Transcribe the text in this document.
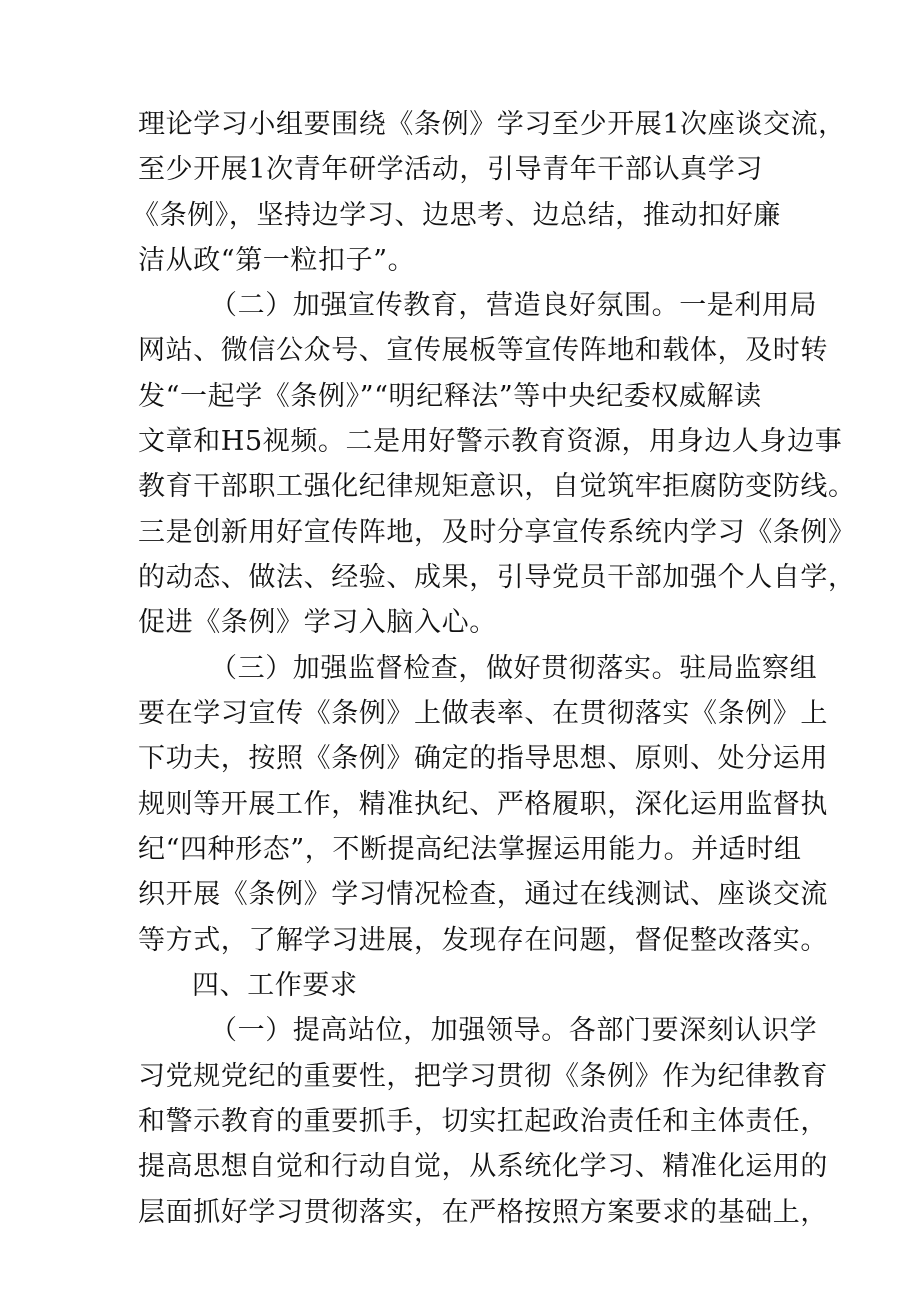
理论学习小组要围绕《条例》学习至少开展1次座谈交流，
至少开展1次青年研学活动，引导青年干部认真学习
《条例》，坚持边学习、边思考、边总结，推动扣好廉
洁从政“第一粒扣子”。
（二）加强宣传教育，营造良好氛围。一是利用局
网站、微信公众号、宣传展板等宣传阵地和载体，及时转
发“一起学《条例》”“明纪释法”等中央纪委权威解读
文章和H5视频。二是用好警示教育资源，用身边人身边事
教育干部职工强化纪律规矩意识，自觉筑牢拒腐防变防线。
三是创新用好宣传阵地，及时分享宣传系统内学习《条例》
的动态、做法、经验、成果，引导党员干部加强个人自学，
促进《条例》学习入脑入心。
（三）加强监督检查，做好贯彻落实。驻局监察组
要在学习宣传《条例》上做表率、在贯彻落实《条例》上
下功夫，按照《条例》确定的指导思想、原则、处分运用
规则等开展工作，精准执纪、严格履职，深化运用监督执
纪“四种形态”，不断提高纪法掌握运用能力。并适时组
织开展《条例》学习情况检查，通过在线测试、座谈交流
等方式，了解学习进展，发现存在问题，督促整改落实。
四、工作要求
（一）提高站位，加强领导。各部门要深刻认识学
习党规党纪的重要性，把学习贯彻《条例》作为纪律教育
和警示教育的重要抓手，切实扛起政治责任和主体责任，
提高思想自觉和行动自觉，从系统化学习、精准化运用的
层面抓好学习贯彻落实，在严格按照方案要求的基础上，
